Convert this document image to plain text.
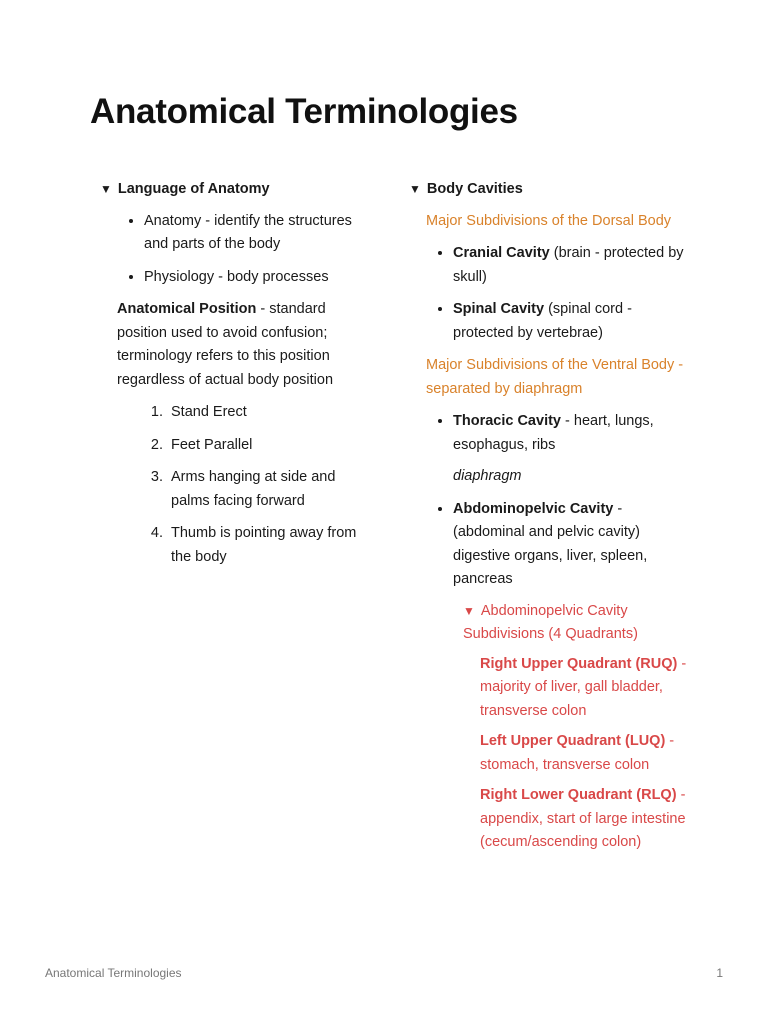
Anatomical Terminologies
▼ Language of Anatomy
• Anatomy - identify the structures and parts of the body
• Physiology - body processes

Anatomical Position - standard position used to avoid confusion; terminology refers to this position regardless of actual body position

1. Stand Erect
2. Feet Parallel
3. Arms hanging at side and palms facing forward
4. Thumb is pointing away from the body
▼ Body Cavities

Major Subdivisions of the Dorsal Body

• Cranial Cavity (brain - protected by skull)
• Spinal Cavity (spinal cord - protected by vertebrae)

Major Subdivisions of the Ventral Body - separated by diaphragm

• Thoracic Cavity - heart, lungs, esophagus, ribs
diaphragm
• Abdominopelvic Cavity - (abdominal and pelvic cavity) digestive organs, liver, spleen, pancreas
▼ Abdominopelvic Cavity Subdivisions (4 Quadrants)

Right Upper Quadrant (RUQ) - majority of liver, gall bladder, transverse colon

Left Upper Quadrant (LUQ) - stomach, transverse colon

Right Lower Quadrant (RLQ) - appendix, start of large intestine (cecum/ascending colon)

Anatomical Terminologies	1
